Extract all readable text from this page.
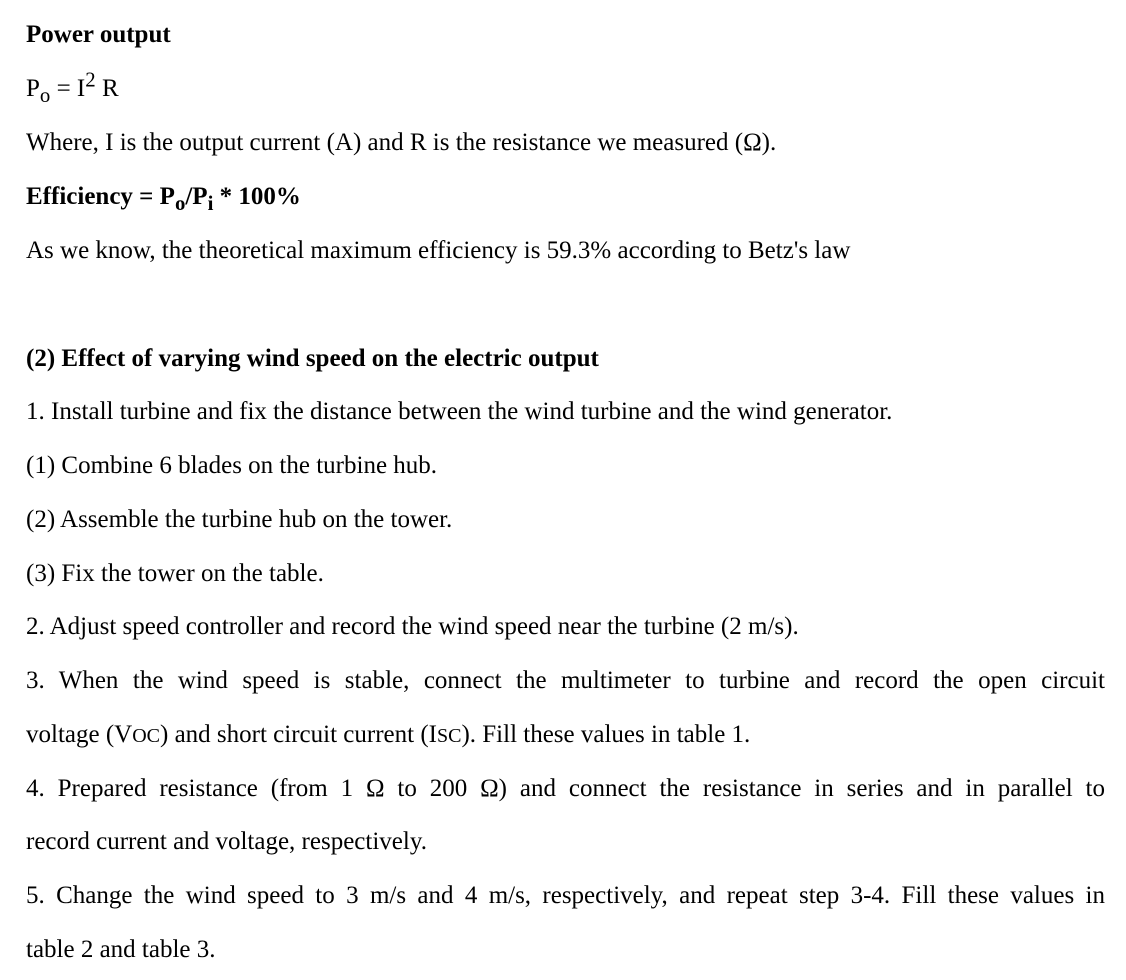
Power output
$P_o = I^2$ R
Where, I is the output current (A) and R is the resistance we measured (Ω).
Efficiency = $P_o/P_i * 100\%$
As we know, the theoretical maximum efficiency is 59.3% according to Betz's law
(2) Effect of varying wind speed on the electric output
1. Install turbine and fix the distance between the wind turbine and the wind generator.
(1) Combine 6 blades on the turbine hub.
(2) Assemble the turbine hub on the tower.
(3) Fix the tower on the table.
2. Adjust speed controller and record the wind speed near the turbine (2 m/s).
3. When the wind speed is stable, connect the multimeter to turbine and record the open circuit
voltage (VOC) and short circuit current (ISC). Fill these values in table 1.
4. Prepared resistance (from 1 Ω to 200 Ω) and connect the resistance in series and in parallel to
record current and voltage, respectively.
5. Change the wind speed to 3 m/s and 4 m/s, respectively, and repeat step 3-4. Fill these values in
table 2 and table 3.
